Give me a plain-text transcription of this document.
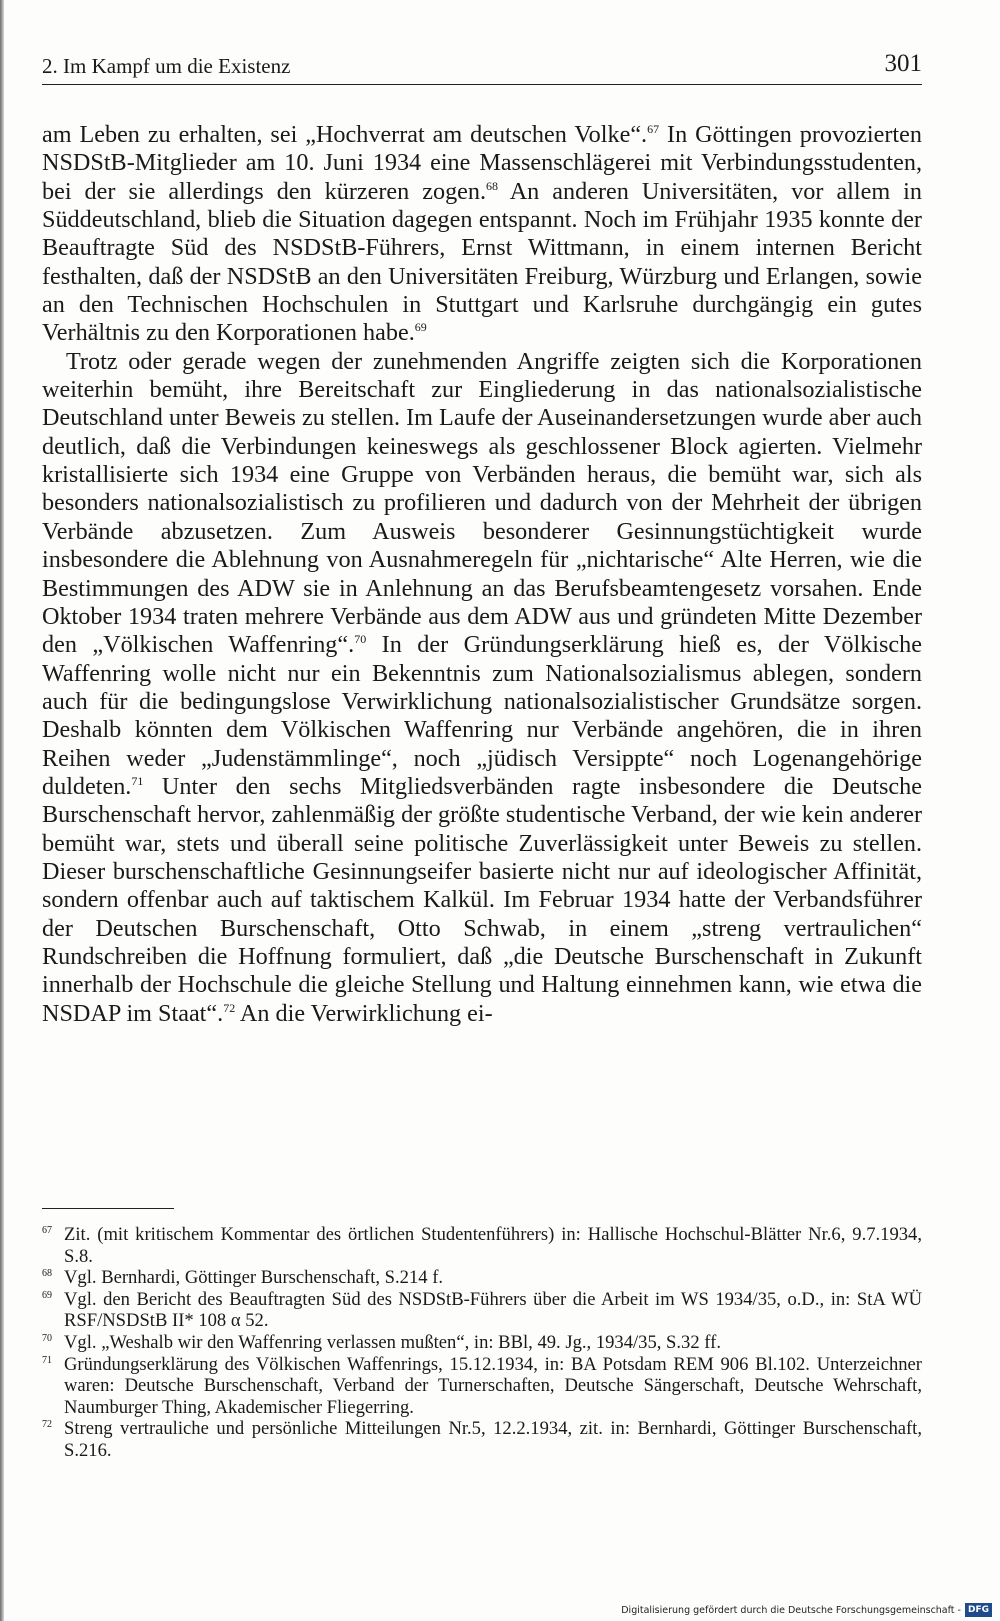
2. Im Kampf um die Existenz	301

am Leben zu erhalten, sei „Hochverrat am deutschen Volke“.$^{67}$ In Göttingen provozierten NSDStB-Mitglieder am 10. Juni 1934 eine Massenschlägerei mit Verbindungsstudenten, bei der sie allerdings den kürzeren zogen.$^{68}$ An anderen Universitäten, vor allem in Süddeutschland, blieb die Situation dagegen entspannt. Noch im Frühjahr 1935 konnte der Beauftragte Süd des NSDStB-Führers, Ernst Wittmann, in einem internen Bericht festhalten, daß der NSDStB an den Universitäten Freiburg, Würzburg und Erlangen, sowie an den Technischen Hochschulen in Stuttgart und Karlsruhe durchgängig ein gutes Verhältnis zu den Korporationen habe.$^{69}$

Trotz oder gerade wegen der zunehmenden Angriffe zeigten sich die Korporationen weiterhin bemüht, ihre Bereitschaft zur Eingliederung in das nationalsozialistische Deutschland unter Beweis zu stellen. Im Laufe der Auseinandersetzungen wurde aber auch deutlich, daß die Verbindungen keineswegs als geschlossener Block agierten. Vielmehr kristallisierte sich 1934 eine Gruppe von Verbänden heraus, die bemüht war, sich als besonders nationalsozialistisch zu profilieren und dadurch von der Mehrheit der übrigen Verbände abzusetzen. Zum Ausweis besonderer Gesinnungstüchtigkeit wurde insbesondere die Ablehnung von Ausnahmeregeln für „nichtarische“ Alte Herren, wie die Bestimmungen des ADW sie in Anlehnung an das Berufsbeamtengesetz vorsahen. Ende Oktober 1934 traten mehrere Verbände aus dem ADW aus und gründeten Mitte Dezember den „Völkischen Waffenring“.$^{70}$ In der Gründungserklärung hieß es, der Völkische Waffenring wolle nicht nur ein Bekenntnis zum Nationalsozialismus ablegen, sondern auch für die bedingungslose Verwirklichung nationalsozialistischer Grundsätze sorgen. Deshalb könnten dem Völkischen Waffenring nur Verbände angehören, die in ihren Reihen weder „Judenstämmlinge“, noch „jüdisch Versippte“ noch Logenangehörige duldeten.$^{71}$ Unter den sechs Mitgliedsverbänden ragte insbesondere die Deutsche Burschenschaft hervor, zahlenmäßig der größte studentische Verband, der wie kein anderer bemüht war, stets und überall seine politische Zuverlässigkeit unter Beweis zu stellen. Dieser burschenschaftliche Gesinnungseifer basierte nicht nur auf ideologischer Affinität, sondern offenbar auch auf taktischem Kalkül. Im Februar 1934 hatte der Verbandsführer der Deutschen Burschenschaft, Otto Schwab, in einem „streng vertraulichen“ Rundschreiben die Hoffnung formuliert, daß „die Deutsche Burschenschaft in Zukunft innerhalb der Hochschule die gleiche Stellung und Haltung einnehmen kann, wie etwa die NSDAP im Staat“.$^{72}$ An die Verwirklichung ei-

67 Zit. (mit kritischem Kommentar des örtlichen Studentenführers) in: Hallische Hochschul-Blätter Nr.6, 9.7.1934, S.8.
68 Vgl. Bernhardi, Göttinger Burschenschaft, S.214 f.
69 Vgl. den Bericht des Beauftragten Süd des NSDStB-Führers über die Arbeit im WS 1934/35, o.D., in: StA WÜ RSF/NSDStB II* 108 α 52.
70 Vgl. „Weshalb wir den Waffenring verlassen mußten“, in: BBl, 49. Jg., 1934/35, S.32 ff.
71 Gründungserklärung des Völkischen Waffenrings, 15.12.1934, in: BA Potsdam REM 906 Bl.102. Unterzeichner waren: Deutsche Burschenschaft, Verband der Turnerschaften, Deutsche Sängerschaft, Deutsche Wehrschaft, Naumburger Thing, Akademischer Fliegerring.
72 Streng vertrauliche und persönliche Mitteilungen Nr.5, 12.2.1934, zit. in: Bernhardi, Göttinger Burschenschaft, S.216.
Digitalisierung gefördert durch die Deutsche Forschungsgemeinschaft - DFG
